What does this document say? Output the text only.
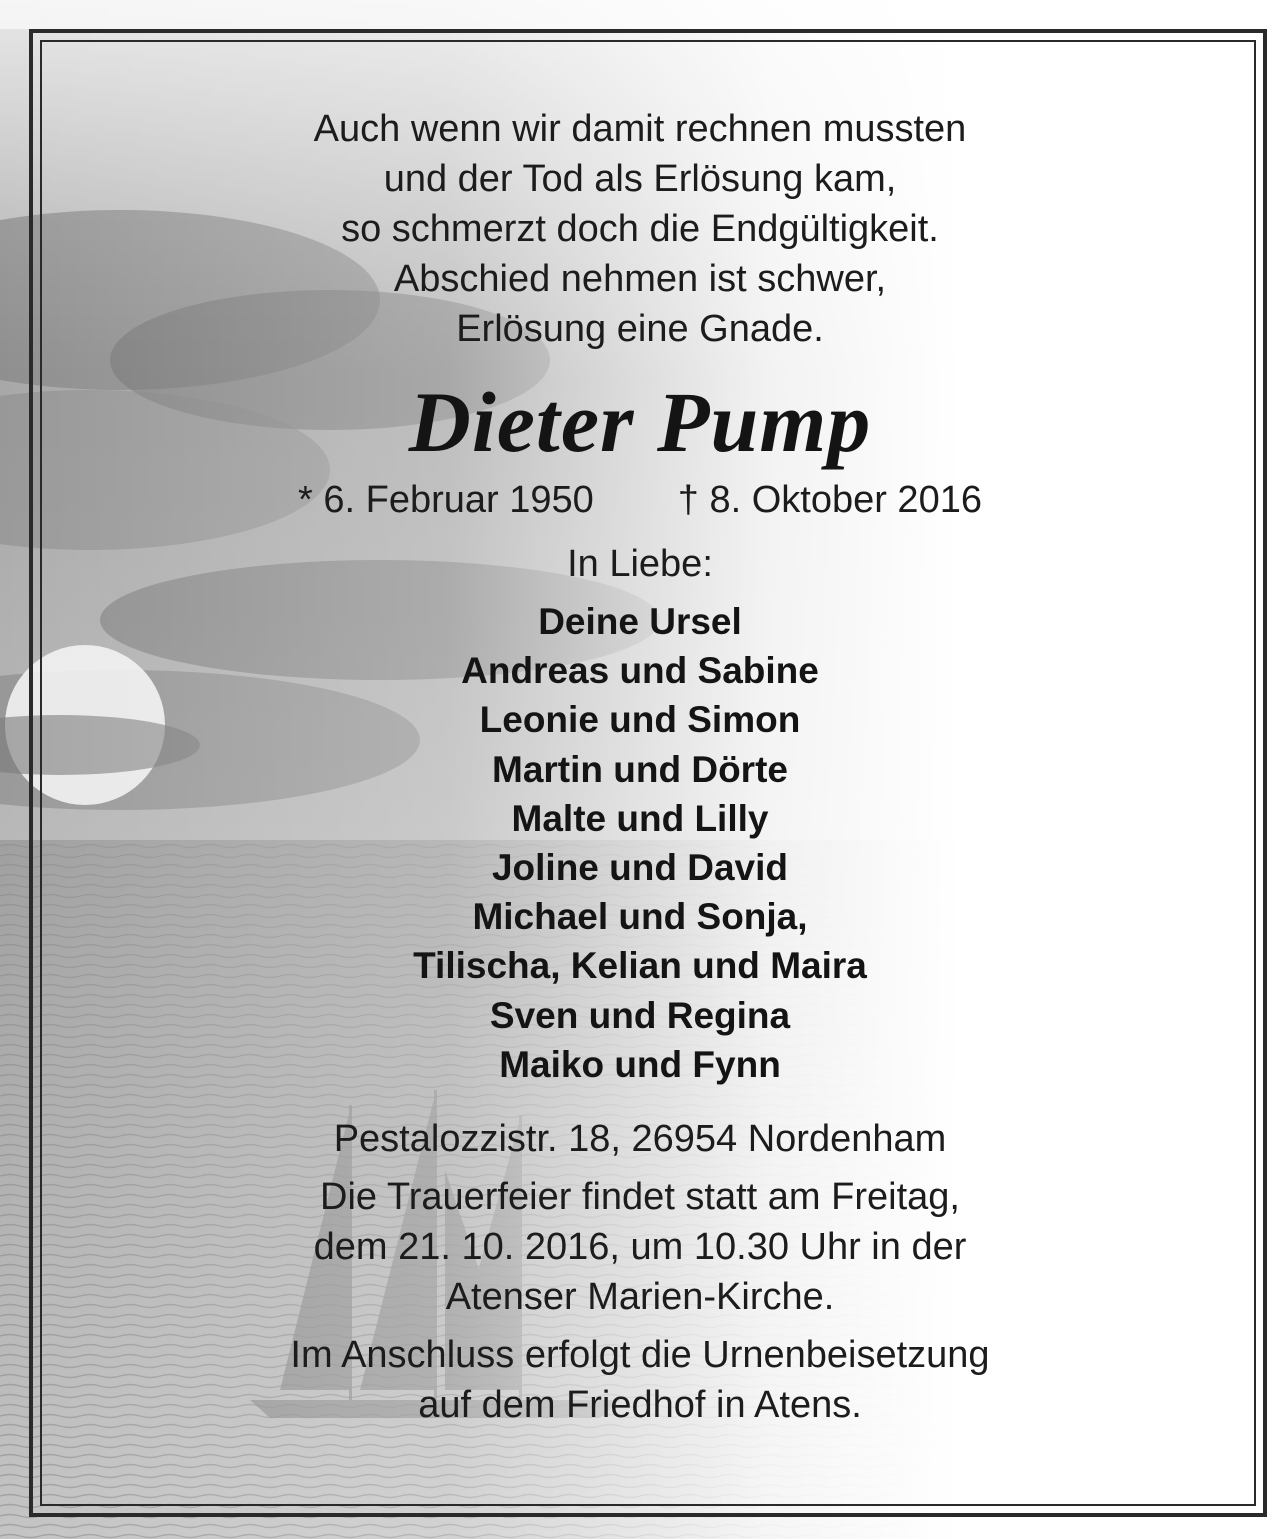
Auch wenn wir damit rechnen mussten

und der Tod als Erlösung kam,

so schmerzt doch die Endgültigkeit.

Abschied nehmen ist schwer,

Erlösung eine Gnade.

Dieter Pump
* 6. Februar 1950 † 8. Oktober 2016
In Liebe:

Deine Ursel

Andreas und Sabine

Leonie und Simon

Martin und Dörte

Malte und Lilly

Joline und David

Michael und Sonja,

Tilischa, Kelian und Maira

Sven und Regina

Maiko und Fynn

Pestalozzistr. 18, 26954 Nordenham

Die Trauerfeier findet statt am Freitag,

dem 21. 10. 2016, um 10.30 Uhr in der

Atenser Marien-Kirche.

Im Anschluss erfolgt die Urnenbeisetzung

auf dem Friedhof in Atens.
